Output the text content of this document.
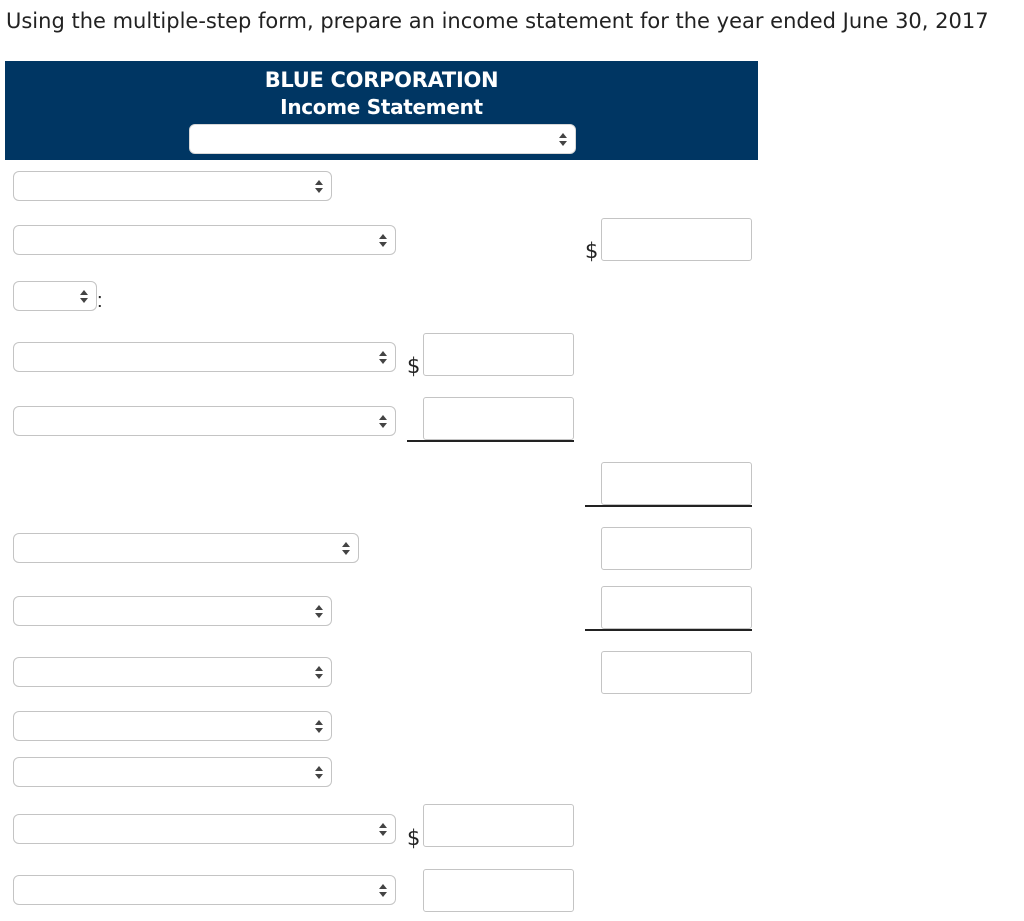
Using the multiple-step form, prepare an income statement for the year ended June 30, 2017
BLUE CORPORATION
Income Statement
$
:
$
$
